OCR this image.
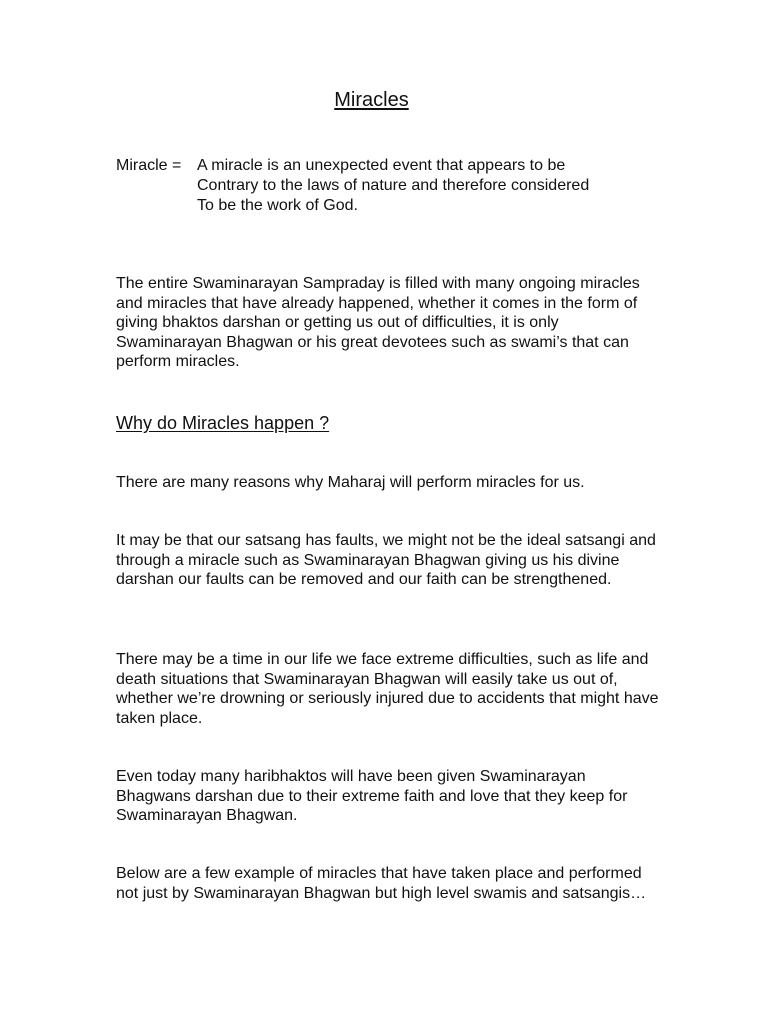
Miracles
Miracle = A miracle is an unexpected event that appears to be
Contrary to the laws of nature and therefore considered
To be the work of God.

The entire Swaminarayan Sampraday is filled with many ongoing miracles and miracles that have already happened, whether it comes in the form of giving bhaktos darshan or getting us out of difficulties, it is only Swaminarayan Bhagwan or his great devotees such as swami’s that can perform miracles.

Why do Miracles happen ?

There are many reasons why Maharaj will perform miracles for us.

It may be that our satsang has faults, we might not be the ideal satsangi and through a miracle such as Swaminarayan Bhagwan giving us his divine darshan our faults can be removed and our faith can be strengthened.

There may be a time in our life we face extreme difficulties, such as life and death situations that Swaminarayan Bhagwan will easily take us out of, whether we’re drowning or seriously injured due to accidents that might have taken place.

Even today many haribhaktos will have been given Swaminarayan Bhagwans darshan due to their extreme faith and love that they keep for Swaminarayan Bhagwan.

Below are a few example of miracles that have taken place and performed not just by Swaminarayan Bhagwan but high level swamis and satsangis…
